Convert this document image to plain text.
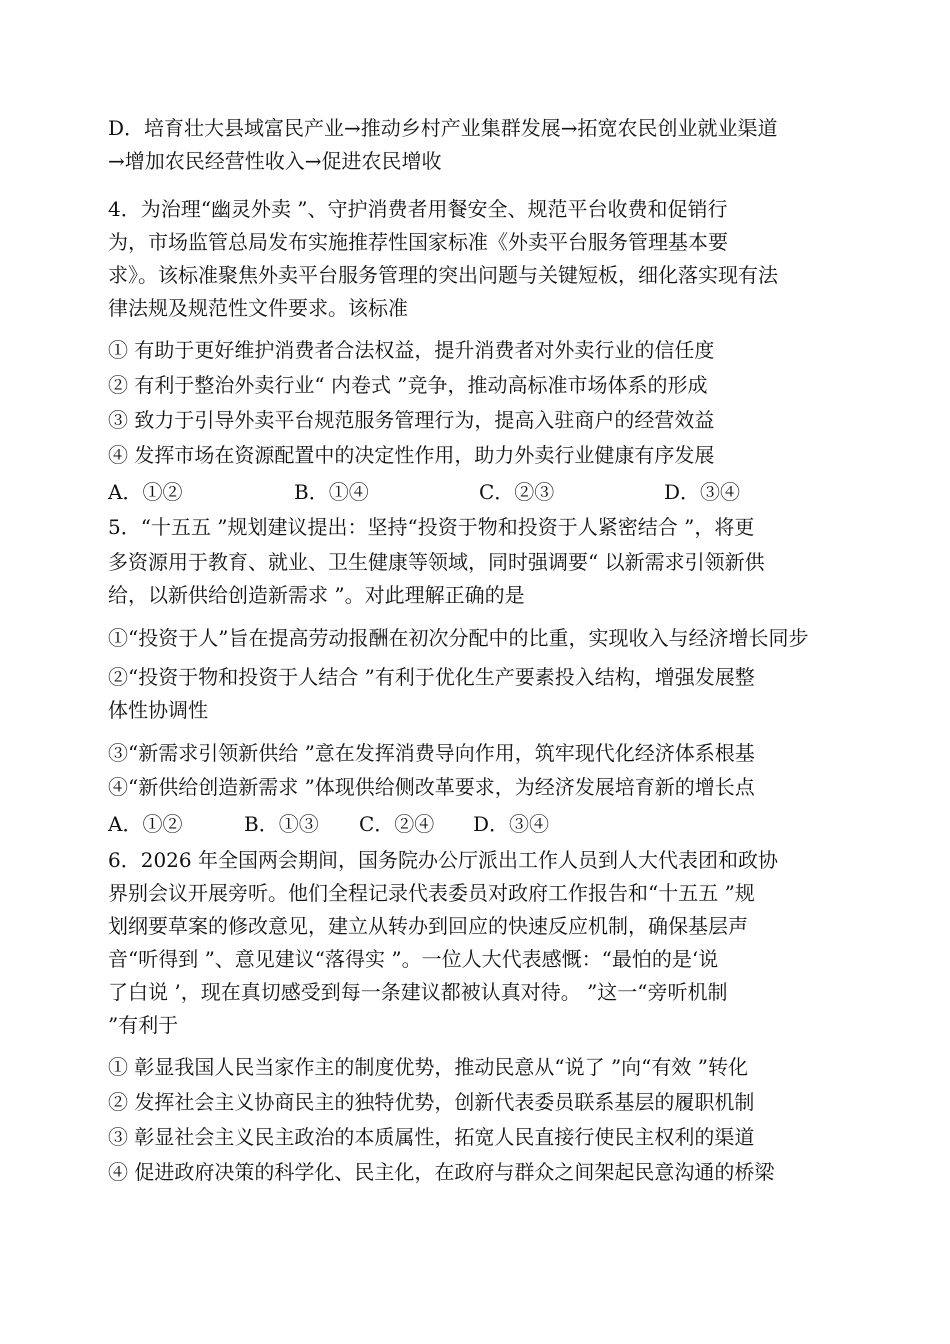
D．培育壮大县域富民产业→推动乡村产业集群发展→拓宽农民创业就业渠道
→增加农民经营性收入→促进农民增收
4．为治理“幽灵外卖 ”、守护消费者用餐安全、规范平台收费和促销行
为，市场监管总局发布实施推荐性国家标准《外卖平台服务管理基本要
求》。该标准聚焦外卖平台服务管理的突出问题与关键短板，细化落实现有法
律法规及规范性文件要求。该标准
① 有助于更好维护消费者合法权益，提升消费者对外卖行业的信任度
② 有利于整治外卖行业“ 内卷式 ”竞争，推动高标准市场体系的形成
③ 致力于引导外卖平台规范服务管理行为，提高入驻商户的经营效益
④ 发挥市场在资源配置中的决定性作用，助力外卖行业健康有序发展
A．①②	B．①④	C．②③	D．③④
5．“十五五 ”规划建议提出：坚持“投资于物和投资于人紧密结合 ”，将更
多资源用于教育、就业、卫生健康等领域，同时强调要“ 以新需求引领新供
给，以新供给创造新需求 ”。对此理解正确的是
①“投资于人”旨在提高劳动报酬在初次分配中的比重，实现收入与经济增长同步
②“投资于物和投资于人结合 ”有利于优化生产要素投入结构，增强发展整
体性协调性
③“新需求引领新供给 ”意在发挥消费导向作用，筑牢现代化经济体系根基
④“新供给创造新需求 ”体现供给侧改革要求，为经济发展培育新的增长点
A．①②	B．①③ C．②④ D．③④
6．2026 年全国两会期间，国务院办公厅派出工作人员到人大代表团和政协
界别会议开展旁听。他们全程记录代表委员对政府工作报告和“十五五 ”规
划纲要草案的修改意见，建立从转办到回应的快速反应机制，确保基层声
音“听得到 ”、意见建议“落得实 ”。一位人大代表感慨：“最怕的是‘说
了白说 ’，现在真切感受到每一条建议都被认真对待。 ”这一“旁听机制
”有利于
① 彰显我国人民当家作主的制度优势，推动民意从“说了 ”向“有效 ”转化
② 发挥社会主义协商民主的独特优势，创新代表委员联系基层的履职机制
③ 彰显社会主义民主政治的本质属性，拓宽人民直接行使民主权利的渠道
④ 促进政府决策的科学化、民主化，在政府与群众之间架起民意沟通的桥梁
